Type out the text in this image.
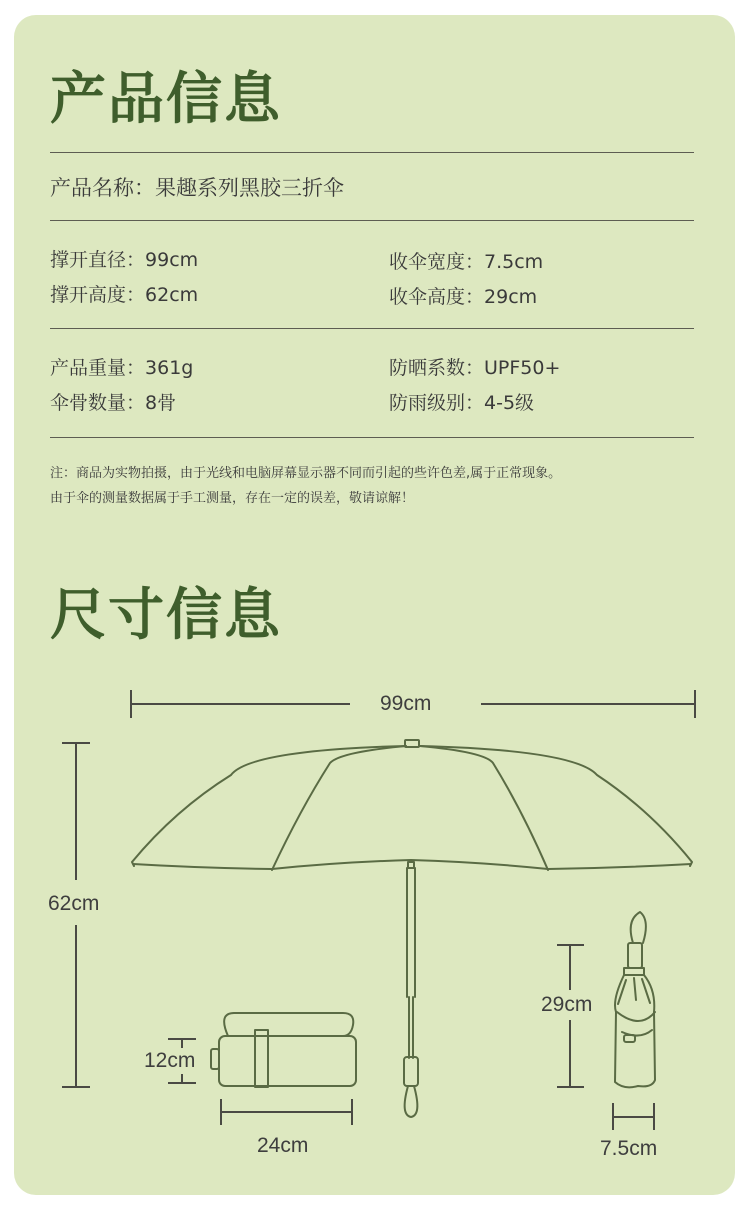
产品信息
产品名称：果趣系列黑胶三折伞
撑开直径：99cm	收伞宽度：7.5cm
撑开高度：62cm	收伞高度：29cm
产品重量：361g	防晒系数：UPF50+
伞骨数量：8骨	防雨级别：4-5级
注：商品为实物拍摄，由于光线和电脑屏幕显示器不同而引起的些许色差,属于正常现象。
由于伞的测量数据属于手工测量，存在一定的误差，敬请谅解！
尺寸信息
99cm
62cm
12cm
24cm
29cm
7.5cm
